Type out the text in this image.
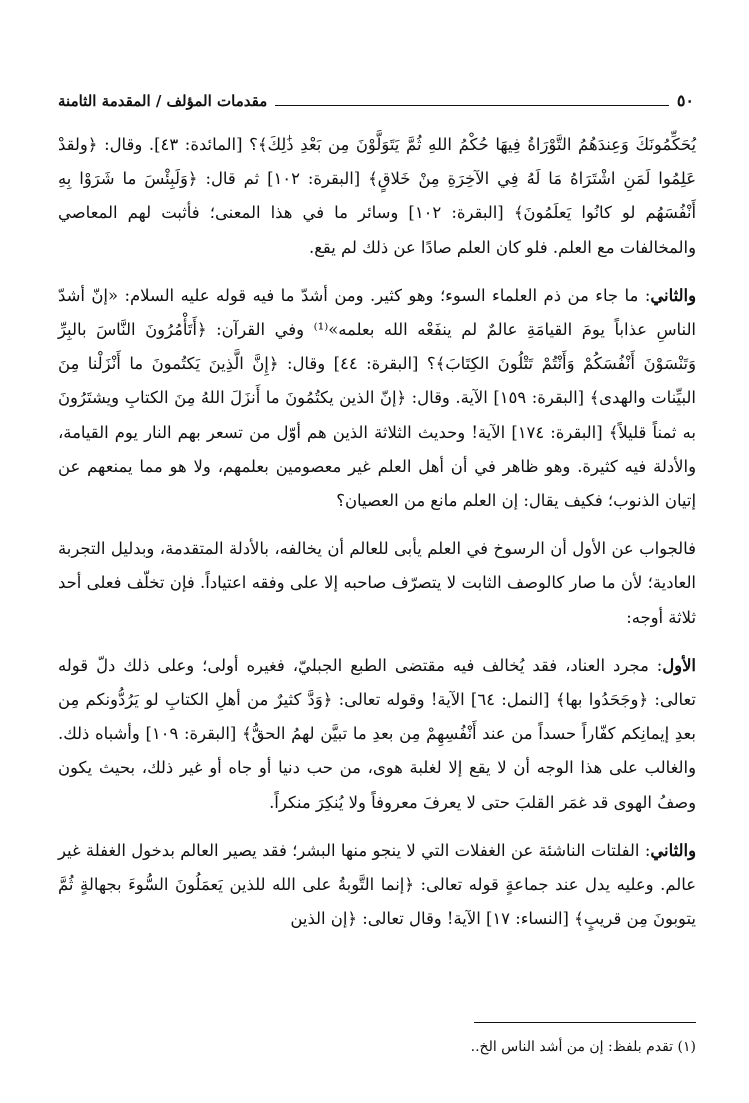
٥٠
مقدمات المؤلف / المقدمة الثامنة

يُحَكِّمُونَكَ وَعِندَهُمُ التَّوْرَاةُ فِيهَا حُكْمُ اللهِ ثُمَّ يَتَوَلَّوْنَ مِن بَعْدِ ذَٰلِكَ﴾؟ [المائدة: ٤٣]. وقال: ﴿ولقدْ عَلِمُوا لَمَنِ اشْتَرَاهُ مَا لَهُ فِي الآخِرَةِ مِنْ خَلاقٍ﴾ [البقرة: ١٠٢] ثم قال: ﴿وَلَبِئْسَ ما شَرَوْا بِهِ أَنْفُسَهُم لو كانُوا يَعلَمُونَ﴾ [البقرة: ١٠٢] وسائر ما في هذا المعنى؛ فأثبت لهم المعاصي والمخالفات مع العلم. فلو كان العلم صادًا عن ذلك لم يقع.

والثاني: ما جاء من ذم العلماء السوء؛ وهو كثير. ومن أشدّ ما فيه قوله عليه السلام: «إنّ أشدّ الناسِ عذاباً يومَ القيامَةِ عالمٌ لم ينفَعْه الله بعلمه»⁽¹⁾ وفي القرآن: ﴿أَتَأْمُرُونَ النَّاسَ بالبِرِّ وَتَنْسَوْنَ أَنْفُسَكُمْ وَأَنْتُمْ تَتْلُونَ الكِتَابَ﴾؟ [البقرة: ٤٤] وقال: ﴿إِنَّ الَّذِينَ يَكتُمونَ ما أَنْزَلْنا مِنَ البيِّنات والهدى﴾ [البقرة: ١٥٩] الآية. وقال: ﴿إنّ الذين يكتُمُونَ ما أَنزَلَ اللهُ مِنَ الكتابِ ويشتَرُونَ به ثمناً قليلاً﴾ [البقرة: ١٧٤] الآية! وحديث الثلاثة الذين هم أوّل من تسعر بهم النار يوم القيامة، والأدلة فيه كثيرة. وهو ظاهر في أن أهل العلم غير معصومين بعلمهم، ولا هو مما يمنعهم عن إتيان الذنوب؛ فكيف يقال: إن العلم مانع من العصيان؟

فالجواب عن الأول أن الرسوخ في العلم يأبى للعالم أن يخالفه، بالأدلة المتقدمة، وبدليل التجربة العادية؛ لأن ما صار كالوصف الثابت لا يتصرّف صاحبه إلا على وفقه اعتياداً. فإن تخلّف فعلى أحد ثلاثة أوجه:

الأول: مجرد العناد، فقد يُخالف فيه مقتضى الطبع الجبليّ، فغيره أولى؛ وعلى ذلك دلّ قوله تعالى: ﴿وجَحَدُوا بها﴾ [النمل: ٦٤] الآية! وقوله تعالى: ﴿وَدَّ كثيرٌ من أهلِ الكتابِ لو يَرُدُّونكم مِن بعدِ إيمانِكم كفّاراً حسداً من عند أَنْفُسِهِمْ مِن بعدِ ما تبيَّن لهمُ الحقُّ﴾ [البقرة: ١٠٩] وأشباه ذلك. والغالب على هذا الوجه أن لا يقع إلا لغلبة هوى، من حب دنيا أو جاه أو غير ذلك، بحيث يكون وصفُ الهوى قد غمَر القلبَ حتى لا يعرفَ معروفاً ولا يُنكِرَ منكراً.

والثاني: الفلتات الناشئة عن الغفلات التي لا ينجو منها البشر؛ فقد يصير العالم بدخول الغفلة غير عالم. وعليه يدل عند جماعةٍ قوله تعالى: ﴿إنما التَّوبةُ على الله للذين يَعمَلُونَ السُّوءَ بجهالةٍ ثُمَّ يتوبونَ مِن قريبٍ﴾ [النساء: ١٧] الآية! وقال تعالى: ﴿إن الذين

(١) تقدم بلفظ: إن من أشد الناس الخ..
